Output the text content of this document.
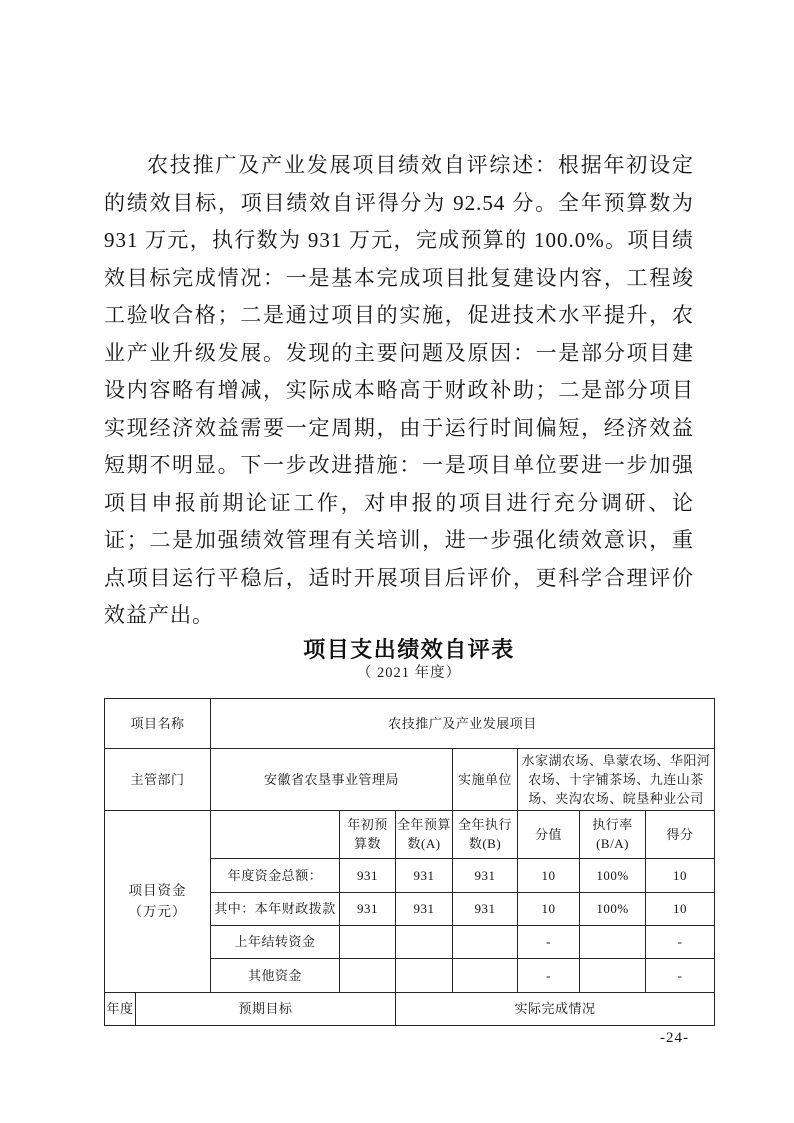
农技推广及产业发展项目绩效自评综述：根据年初设定的绩效目标，项目绩效自评得分为 92.54 分。全年预算数为 931 万元，执行数为 931 万元，完成预算的 100.0%。项目绩效目标完成情况：一是基本完成项目批复建设内容，工程竣工验收合格；二是通过项目的实施，促进技术水平提升，农业产业升级发展。发现的主要问题及原因：一是部分项目建设内容略有增减，实际成本略高于财政补助；二是部分项目实现经济效益需要一定周期，由于运行时间偏短，经济效益短期不明显。下一步改进措施：一是项目单位要进一步加强项目申报前期论证工作，对申报的项目进行充分调研、论证；二是加强绩效管理有关培训，进一步强化绩效意识，重点项目运行平稳后，适时开展项目后评价，更科学合理评价效益产出。

项目支出绩效自评表
（ 2021 年度）
项目名称		农技推广及产业发展项目						
主管部门		安徽省农垦事业管理局			实施单位	水家湖农场、阜蒙农场、华阳河农场、十字铺茶场、九连山茶场、夹沟农场、皖垦种业公司		

项目资金
（万元）			年初预算数	全年预算数(A)	全年执行数(B)	分值	执行率(B/A)	得分
		年度资金总额：	931	931	931	10	100%	10
		其中：本年财政拨款	931	931	931	10	100%	10
		上年结转资金				-		-
		其他资金				-		-
年度	预期目标			实际完成情况				
-24-
